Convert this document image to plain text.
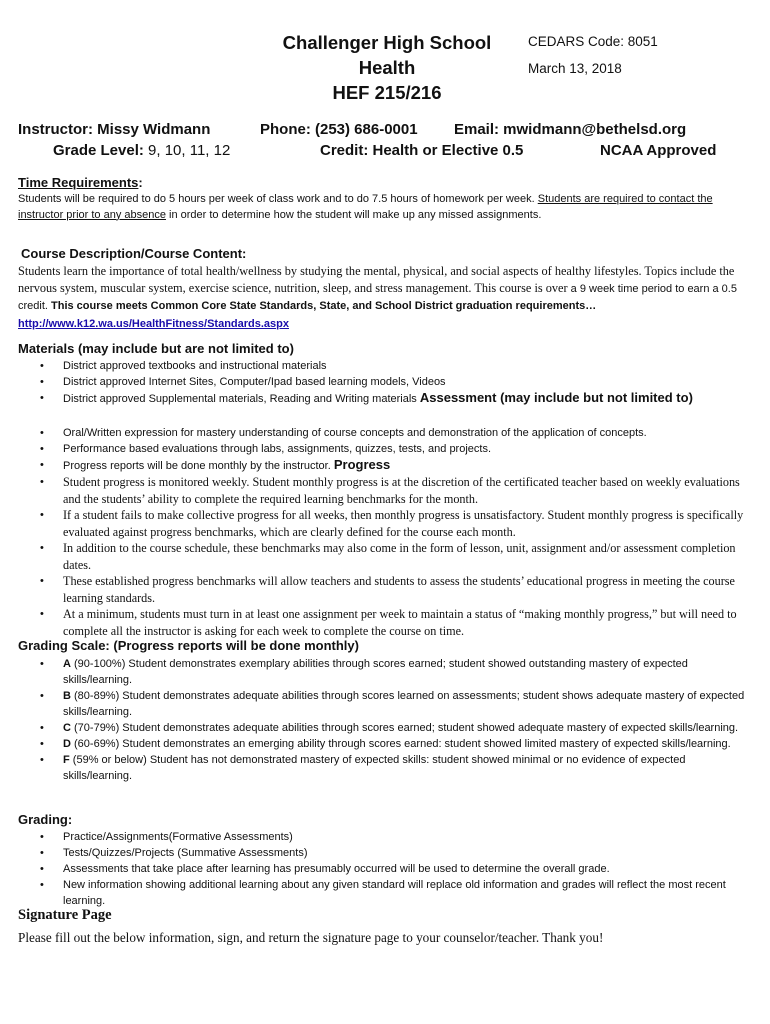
Challenger High School
Health
HEF 215/216
CEDARS Code: 8051
March 13, 2018
Instructor: Missy Widmann	Phone: (253) 686-0001 Email: mwidmann@bethelsd.org
Grade Level: 9, 10, 11, 12	Credit: Health or Elective 0.5	NCAA Approved
Time Requirements:
Students will be required to do 5 hours per week of class work and to do 7.5 hours of homework per week. Students are required to contact the instructor prior to any absence in order to determine how the student will make up any missed assignments.
Course Description/Course Content:
Students learn the importance of total health/wellness by studying the mental, physical, and social aspects of healthy lifestyles. Topics include the nervous system, muscular system, exercise science, nutrition, sleep, and stress management. This course is over a 9 week time period to earn a 0.5 credit. This course meets Common Core State Standards, State, and School District graduation requirements…http://www.k12.wa.us/HealthFitness/Standards.aspx
Materials (may include but are not limited to)
• District approved textbooks and instructional materials
• District approved Internet Sites, Computer/Ipad based learning models, Videos
• District approved Supplemental materials, Reading and Writing materials Assessment (may include but not limited to)
• Oral/Written expression for mastery understanding of course concepts and demonstration of the application of concepts.
• Performance based evaluations through labs, assignments, quizzes, tests, and projects.
• Progress reports will be done monthly by the instructor. Progress
• Student progress is monitored weekly. Student monthly progress is at the discretion of the certificated teacher based on weekly evaluations and the students’ ability to complete the required learning benchmarks for the month.
• If a student fails to make collective progress for all weeks, then monthly progress is unsatisfactory. Student monthly progress is specifically evaluated against progress benchmarks, which are clearly defined for the course each month.
• In addition to the course schedule, these benchmarks may also come in the form of lesson, unit, assignment and/or assessment completion dates.
• These established progress benchmarks will allow teachers and students to assess the students’ educational progress in meeting the course learning standards.
• At a minimum, students must turn in at least one assignment per week to maintain a status of “making monthly progress,” but will need to complete all the instructor is asking for each week to complete the course on time.
Grading Scale: (Progress reports will be done monthly)
• A (90-100%) Student demonstrates exemplary abilities through scores earned; student showed outstanding mastery of expected skills/learning.
• B (80-89%) Student demonstrates adequate abilities through scores learned on assessments; student shows adequate mastery of expected skills/learning.
• C (70-79%) Student demonstrates adequate abilities through scores earned; student showed adequate mastery of expected skills/learning.
• D (60-69%) Student demonstrates an emerging ability through scores earned: student showed limited mastery of expected skills/learning.
• F (59% or below) Student has not demonstrated mastery of expected skills: student showed minimal or no evidence of expected skills/learning.
Grading:
• Practice/Assignments(Formative Assessments)
• Tests/Quizzes/Projects (Summative Assessments)
• Assessments that take place after learning has presumably occurred will be used to determine the overall grade.
• New information showing additional learning about any given standard will replace old information and grades will reflect the most recent learning.
Signature Page
Please fill out the below information, sign, and return the signature page to your counselor/teacher. Thank you!
